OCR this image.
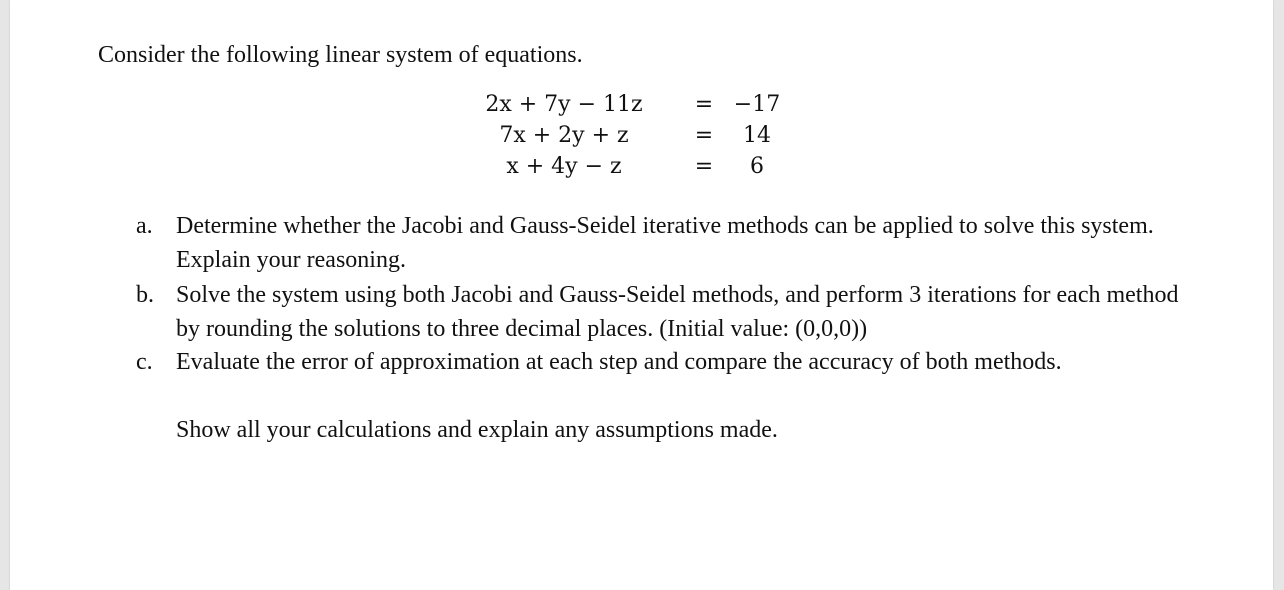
Consider the following linear system of equations.
2x + 7y − 11z	= −17
7x + 2y + z	=	14
x + 4y − z	=	6
a. Determine whether the Jacobi and Gauss-Seidel iterative methods can be applied to solve this system. Explain your reasoning.
b. Solve the system using both Jacobi and Gauss-Seidel methods, and perform 3 iterations for each method by rounding the solutions to three decimal places. (Initial value: (0,0,0))
c. Evaluate the error of approximation at each step and compare the accuracy of both methods.
Show all your calculations and explain any assumptions made.
